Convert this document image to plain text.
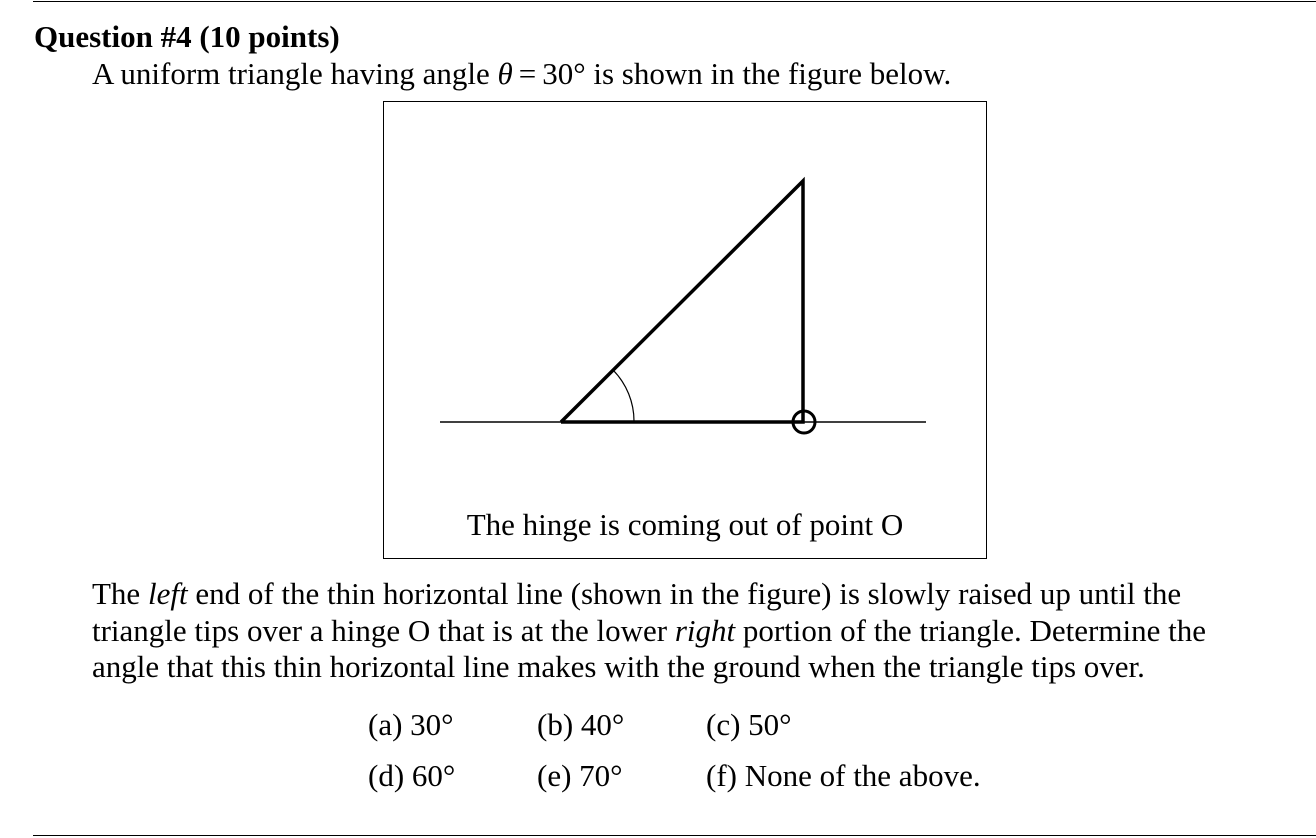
Question #4 (10 points)
A uniform triangle having angle θ = 30° is shown in the figure below.
The hinge is coming out of point O
The left end of the thin horizontal line (shown in the figure) is slowly raised up until the
triangle tips over a hinge O that is at the lower right portion of the triangle. Determine the
angle that this thin horizontal line makes with the ground when the triangle tips over.
(a) 30°	(b) 40°	(c) 50°
(d) 60°	(e) 70°	(f) None of the above.
